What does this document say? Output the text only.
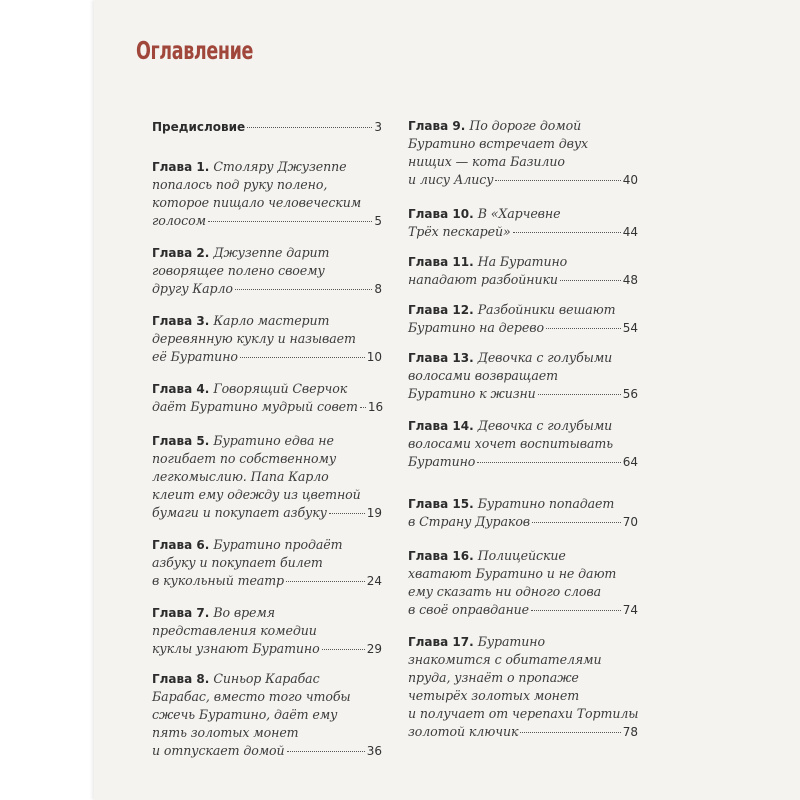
Оглавление
Предисловие	3
Глава 1. Столяру Джузеппе
попалось под руку полено,
которое пищало человеческим
голосом	5
Глава 2. Джузеппе дарит
говорящее полено своему
другу Карло	8
Глава 3. Карло мастерит
деревянную куклу и называет
её Буратино	10
Глава 4. Говорящий Сверчок
даёт Буратино мудрый совет 16
Глава 5. Буратино едва не
погибает по собственному
легкомыслию. Папа Карло
клеит ему одежду из цветной
бумаги и покупает азбуку	19
Глава 6. Буратино продаёт
азбуку и покупает билет
в кукольный театр	24
Глава 7. Во время
представления комедии
куклы узнают Буратино	29
Глава 8. Синьор Карабас
Барабас, вместо того чтобы
сжечь Буратино, даёт ему
пять золотых монет
и отпускает домой	36
Глава 9. По дороге домой
Буратино встречает двух
нищих — кота Базилио
и лису Алису	40
Глава 10. В «Харчевне
Трёх пескарей»	44
Глава 11. На Буратино
нападают разбойники	48
Глава 12. Разбойники вешают
Буратино на дерево	54
Глава 13. Девочка с голубыми
волосами возвращает
Буратино к жизни	56
Глава 14. Девочка с голубыми
волосами хочет воспитывать
Буратино	64
Глава 15. Буратино попадает
в Страну Дураков	70
Глава 16. Полицейские
хватают Буратино и не дают
ему сказать ни одного слова
в своё оправдание	74
Глава 17. Буратино
знакомится с обитателями
пруда, узнаёт о пропаже
четырёх золотых монет
и получает от черепахи Тортилы
золотой ключик	78
